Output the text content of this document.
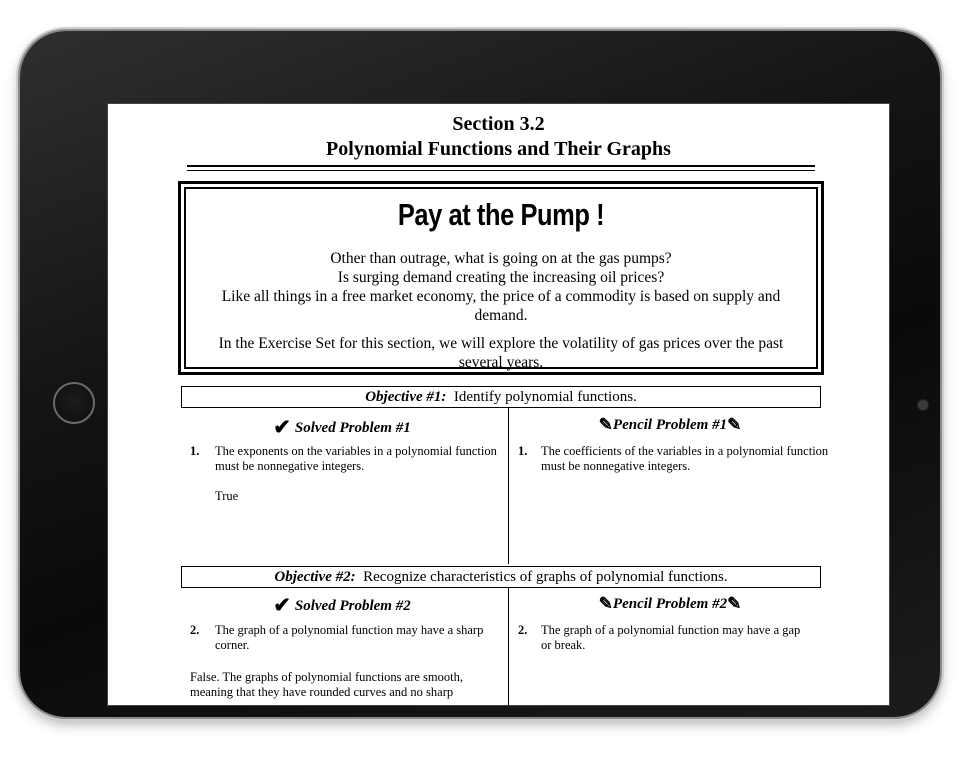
Section 3.2
Polynomial Functions and Their Graphs
Pay at the Pump !
Other than outrage, what is going on at the gas pumps?
Is surging demand creating the increasing oil prices?
Like all things in a free market economy, the price of a commodity is based on supply and
demand.
In the Exercise Set for this section, we will explore the volatility of gas prices over the past
several years.
Objective #1: Identify polynomial functions.
✔ Solved Problem #1	✎Pencil Problem #1✎
1. The exponents on the variables in a polynomial function must be nonnegative integers.
True
1. The coefficients of the variables in a polynomial function must be nonnegative integers.
Objective #2: Recognize characteristics of graphs of polynomial functions.
✔ Solved Problem #2	✎Pencil Problem #2✎
2. The graph of a polynomial function may have a sharp corner.
False. The graphs of polynomial functions are smooth,
meaning that they have rounded curves and no sharp
2. The graph of a polynomial function may have a gap or break.
